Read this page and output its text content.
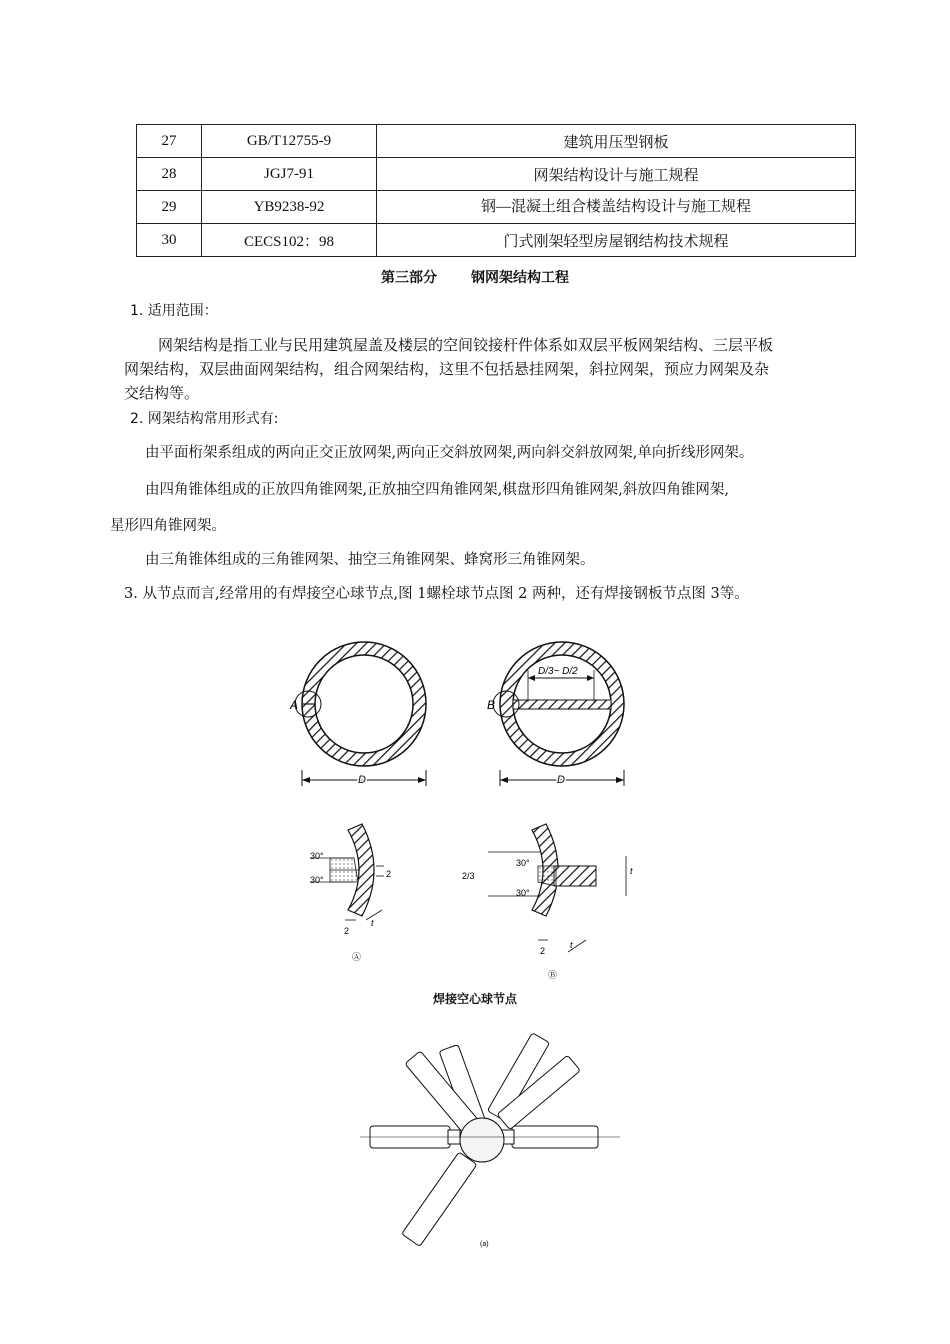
27	GB/T12755-9	建筑用压型钢板
28	JGJ7-91	网架结构设计与施工规程
29	YB9238-92	钢—混凝土组合楼盖结构设计与施工规程
30	CECS102：98	门式刚架轻型房屋钢结构技术规程
第三部分 钢网架结构工程
1. 适用范围：
网架结构是指工业与民用建筑屋盖及楼层的空间铰接杆件体系如双层平板网架结构、三层平板
网架结构，双层曲面网架结构，组合网架结构，这里不包括悬挂网架，斜拉网架，预应力网架及杂
交结构等。
2. 网架结构常用形式有:
由平面桁架系组成的两向正交正放网架,两向正交斜放网架,两向斜交斜放网架,单向折线形网架。
由四角锥体组成的正放四角锥网架,正放抽空四角锥网架,棋盘形四角锥网架,斜放四角锥网架,
星形四角锥网架。
由三角锥体组成的三角锥网架、抽空三角锥网架、蜂窝形三角锥网架。
3. 从节点而言,经常用的有焊接空心球节点,图 1螺栓球节点图 2 两种，还有焊接钢板节点图 3等。
A
D
B
D/3~ D/2
D
30°
30°
2
2
t
Ⓐ
30°
30°
2/3	t
2
t
Ⓑ
焊接空心球节点
(a)
